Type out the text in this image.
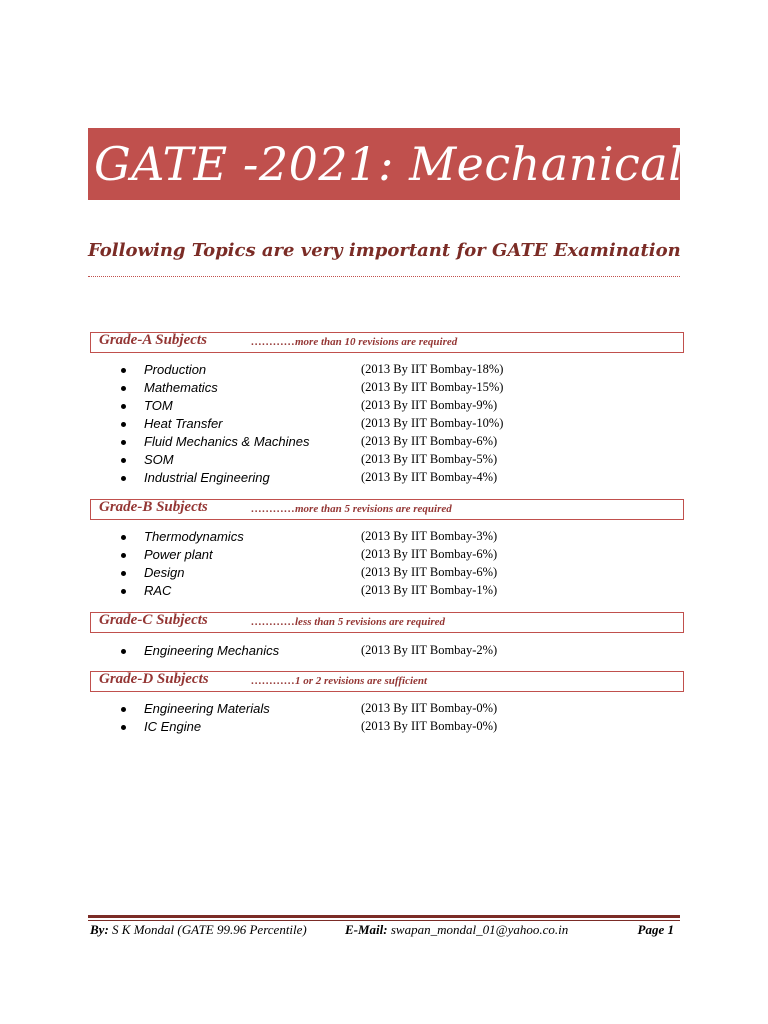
GATE -2021: Mechanical
Following Topics are very important for GATE Examination
Grade-A Subjects	…………more than 10 revisions are required
Production	(2013 By IIT Bombay-18%)
Mathematics	(2013 By IIT Bombay-15%)
TOM	(2013 By IIT Bombay-9%)
Heat Transfer	(2013 By IIT Bombay-10%)
Fluid Mechanics & Machines	(2013 By IIT Bombay-6%)
SOM	(2013 By IIT Bombay-5%)
Industrial Engineering	(2013 By IIT Bombay-4%)
Grade-B Subjects	…………more than 5 revisions are required
Thermodynamics	(2013 By IIT Bombay-3%)
Power plant	(2013 By IIT Bombay-6%)
Design	(2013 By IIT Bombay-6%)
RAC	(2013 By IIT Bombay-1%)
Grade-C Subjects	…………less than 5 revisions are required
Engineering Mechanics	(2013 By IIT Bombay-2%)
Grade-D Subjects	…………1 or 2 revisions are sufficient
Engineering Materials	(2013 By IIT Bombay-0%)
IC Engine	(2013 By IIT Bombay-0%)
By: S K Mondal (GATE 99.96 Percentile)	E-Mail: swapan_mondal_01@yahoo.co.in	Page 1
